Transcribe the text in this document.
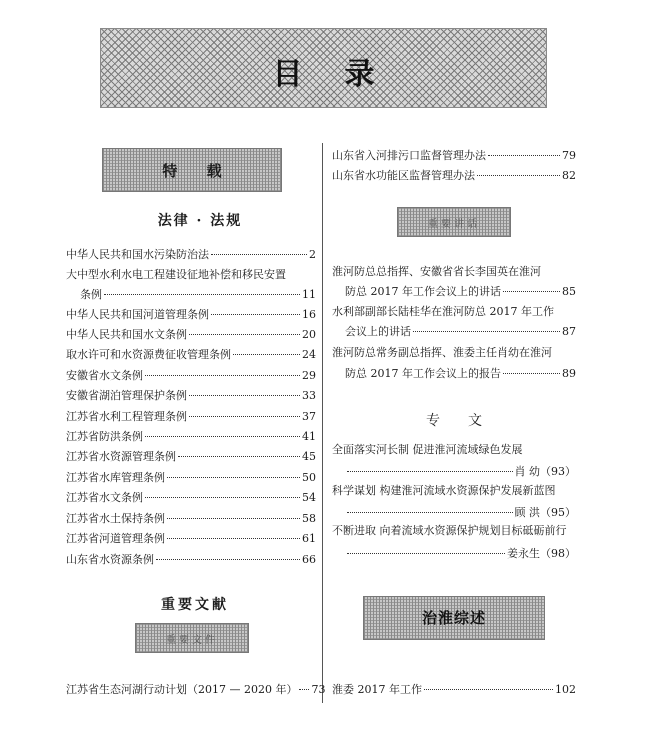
目录
特 载
法律 · 法规
中华人民共和国水污染防治法	2
大中型水利水电工程建设征地补偿和移民安置
条例	11
中华人民共和国河道管理条例	16
中华人民共和国水文条例	20
取水许可和水资源费征收管理条例	24
安徽省水文条例	29
安徽省湖泊管理保护条例	33
江苏省水利工程管理条例	37
江苏省防洪条例	41
江苏省水资源管理条例	45
江苏省水库管理条例	50
江苏省水文条例	54
江苏省水土保持条例	58
江苏省河道管理条例	61
山东省水资源条例	66
重要文献
重要文件
江苏省生态河湖行动计划（2017 — 2020 年） 73
山东省入河排污口监督管理办法	79
山东省水功能区监督管理办法	82
重要讲话
淮河防总总指挥、安徽省省长李国英在淮河
防总 2017 年工作会议上的讲话	85
水利部副部长陆桂华在淮河防总 2017 年工作
会议上的讲话	87
淮河防总常务副总指挥、淮委主任肖幼在淮河
防总 2017 年工作会议上的报告	89
专文
全面落实河长制 促进淮河流域绿色发展
肖 幼（93）
科学谋划 构建淮河流域水资源保护发展新蓝图
顾 洪（95）
不断进取 向着流域水资源保护规划目标砥砺前行
姜永生（98）
治淮综述
淮委 2017 年工作	102
